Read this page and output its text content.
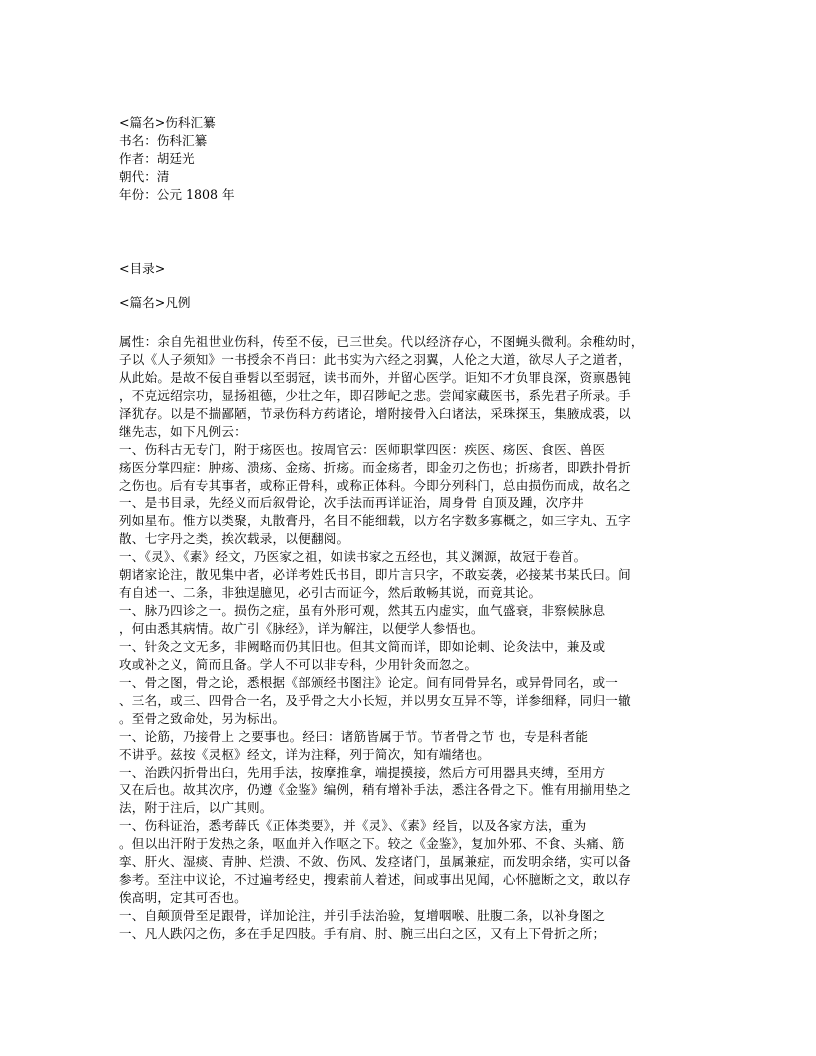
<篇名>伤科汇纂
书名：伤科汇纂
作者：胡廷光
朝代：清
年份：公元 1808 年
<目录>
<篇名>凡例
属性：余自先祖世业伤科，传至不佞，已三世矣。代以经济存心，不图蝇头微利。余稚幼时，
子以《人子须知》一书授余不肖曰：此书实为六经之羽翼，人伦之大道，欲尽人子之道者，
从此始。是故不佞自垂髫以至弱冠，读书而外，并留心医学。讵知不才负罪良深，资禀愚钝
，不克远绍宗功，显扬祖德，少壮之年，即召陟屺之悲。尝闻家藏医书，系先君子所录。手
泽犹存。以是不揣鄙陋，节录伤科方药诸论，增附接骨入臼诸法，采珠探玉，集腋成裘，以
继先志，如下凡例云：
一、伤科古无专门，附于疡医也。按周官云：医师职掌四医：疾医、疡医、食医、兽医
疡医分掌四症：肿疡、溃疡、金疡、折疡。而金疡者，即金刃之伤也；折疡者，即跌扑骨折
之伤也。后有专其事者，或称正骨科，或称正体科。今即分列科门，总由损伤而成，故名之
一、是书目录，先经义而后叙骨论，次手法而再详证治，周身骨 自顶及踵，次序井
列如星布。惟方以类聚，丸散膏丹，名目不能细载，以方名字数多寡概之，如三字丸、五字
散、七字丹之类，挨次载录，以便翻阅。
一、《灵》、《素》经文，乃医家之祖，如读书家之五经也，其义渊源，故冠于卷首。
朝诸家论注，散见集中者，必详考姓氏书目，即片言只字，不敢妄袭，必接某书某氏曰。间
有自述一、二条，非独逞臆见，必引古而证今，然后敢畅其说，而竟其论。
一、脉乃四诊之一。损伤之症，虽有外形可观，然其五内虚实，血气盛衰，非察候脉息
，何由悉其病情。故广引《脉经》，详为解注，以便学人参悟也。
一、针灸之文无多，非阙略而仍其旧也。但其文简而详，即如论刺、论灸法中，兼及或
攻或补之义，简而且备。学人不可以非专科，少用针灸而忽之。
一、骨之图，骨之论，悉根据《部颁经书图注》论定。间有同骨异名，或异骨同名，或一
、三名，或三、四骨合一名，及乎骨之大小长短，并以男女互异不等，详参细释，同归一辙
。至骨之致命处，另为标出。
一、论筋，乃接骨上 之要事也。经曰：诸筋皆属于节。节者骨之节 也，专是科者能
不讲乎。兹按《灵枢》经文，详为注释，列于简次，知有端绪也。
一、治跌闪折骨出臼，先用手法，按摩推拿，端提摸接，然后方可用器具夹缚，至用方
又在后也。故其次序，仍遵《金鉴》编例，稍有增补手法，悉注各骨之下。惟有用揃用垫之
法，附于注后，以广其则。
一、伤科证治，悉考薛氏《正体类要》，并《灵》、《素》经旨，以及各家方法，重为
。但以出汗附于发热之条，呕血并入作呕之下。较之《金鉴》，复加外邪、不食、头痛、筋
挛、肝火、湿痰、青肿、烂溃、不敛、伤风、发痉诸门，虽属兼症，而发明余绪，实可以备
参考。至注中议论，不过遍考经史，搜索前人着述，间或事出见闻，心怀臆断之文，敢以存
俟高明，定其可否也。
一、自颠顶骨至足跟骨，详加论注，并引手法治验，复增咽喉、肚腹二条，以补身图之
一、凡人跌闪之伤，多在手足四肢。手有肩、肘、腕三出臼之区，又有上下骨折之所；
